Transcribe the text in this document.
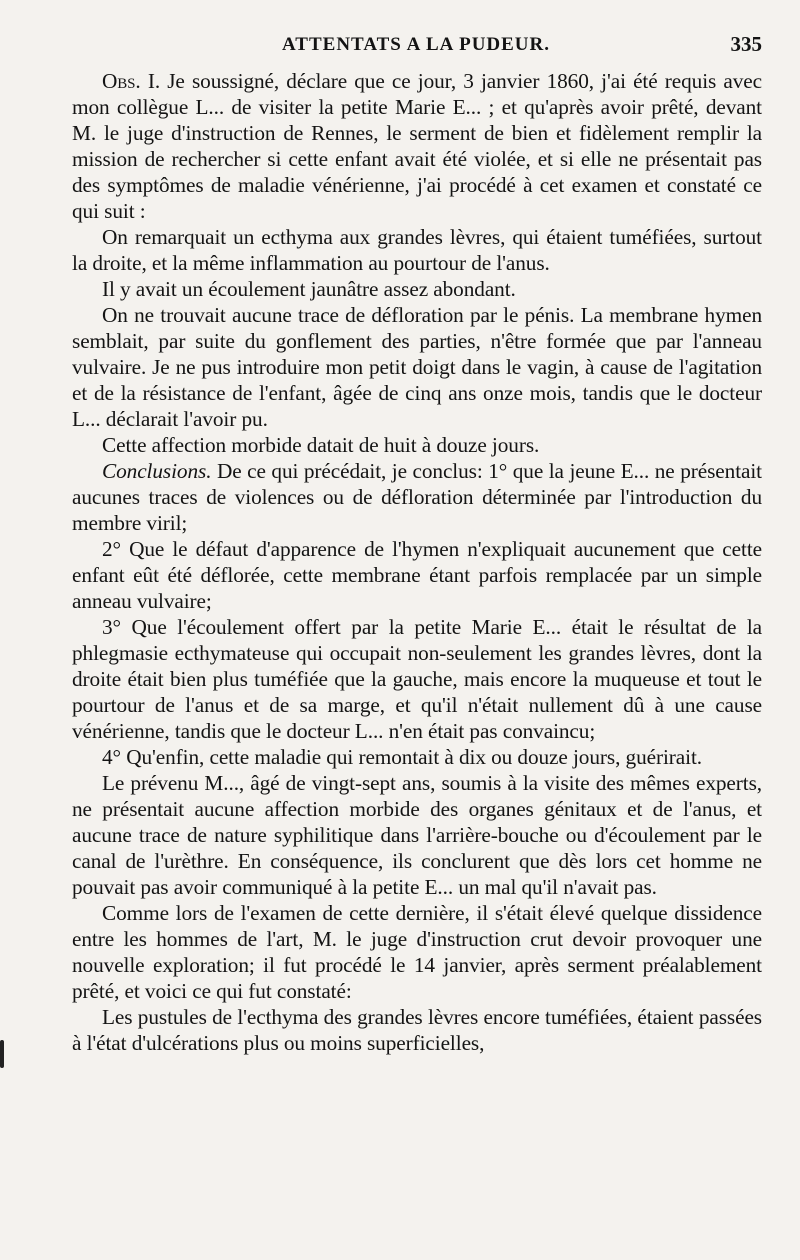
ATTENTATS A LA PUDEUR.	335

Obs. I. Je soussigné, déclare que ce jour, 3 janvier 1860, j'ai été requis avec mon collègue L... de visiter la petite Marie E... ; et qu'après avoir prêté, devant M. le juge d'instruction de Rennes, le serment de bien et fidèlement remplir la mission de rechercher si cette enfant avait été violée, et si elle ne présentait pas des symptômes de maladie vénérienne, j'ai procédé à cet examen et constaté ce qui suit :

On remarquait un ecthyma aux grandes lèvres, qui étaient tuméfiées, surtout la droite, et la même inflammation au pourtour de l'anus.

Il y avait un écoulement jaunâtre assez abondant.

On ne trouvait aucune trace de défloration par le pénis. La membrane hymen semblait, par suite du gonflement des parties, n'être formée que par l'anneau vulvaire. Je ne pus introduire mon petit doigt dans le vagin, à cause de l'agitation et de la résistance de l'enfant, âgée de cinq ans onze mois, tandis que le docteur L... déclarait l'avoir pu.

Cette affection morbide datait de huit à douze jours.

Conclusions. De ce qui précédait, je conclus: 1° que la jeune E... ne présentait aucunes traces de violences ou de défloration déterminée par l'introduction du membre viril;

2° Que le défaut d'apparence de l'hymen n'expliquait aucunement que cette enfant eût été déflorée, cette membrane étant parfois remplacée par un simple anneau vulvaire;

3° Que l'écoulement offert par la petite Marie E... était le résultat de la phlegmasie ecthymateuse qui occupait non-seulement les grandes lèvres, dont la droite était bien plus tuméfiée que la gauche, mais encore la muqueuse et tout le pourtour de l'anus et de sa marge, et qu'il n'était nullement dû à une cause vénérienne, tandis que le docteur L... n'en était pas convaincu;

4° Qu'enfin, cette maladie qui remontait à dix ou douze jours, guérirait.

Le prévenu M..., âgé de vingt-sept ans, soumis à la visite des mêmes experts, ne présentait aucune affection morbide des organes génitaux et de l'anus, et aucune trace de nature syphilitique dans l'arrière-bouche ou d'écoulement par le canal de l'urèthre. En conséquence, ils conclurent que dès lors cet homme ne pouvait pas avoir communiqué à la petite E... un mal qu'il n'avait pas.

Comme lors de l'examen de cette dernière, il s'était élevé quelque dissidence entre les hommes de l'art, M. le juge d'instruction crut devoir provoquer une nouvelle exploration; il fut procédé le 14 janvier, après serment préalablement prêté, et voici ce qui fut constaté:

Les pustules de l'ecthyma des grandes lèvres encore tuméfiées, étaient passées à l'état d'ulcérations plus ou moins superficielles,
